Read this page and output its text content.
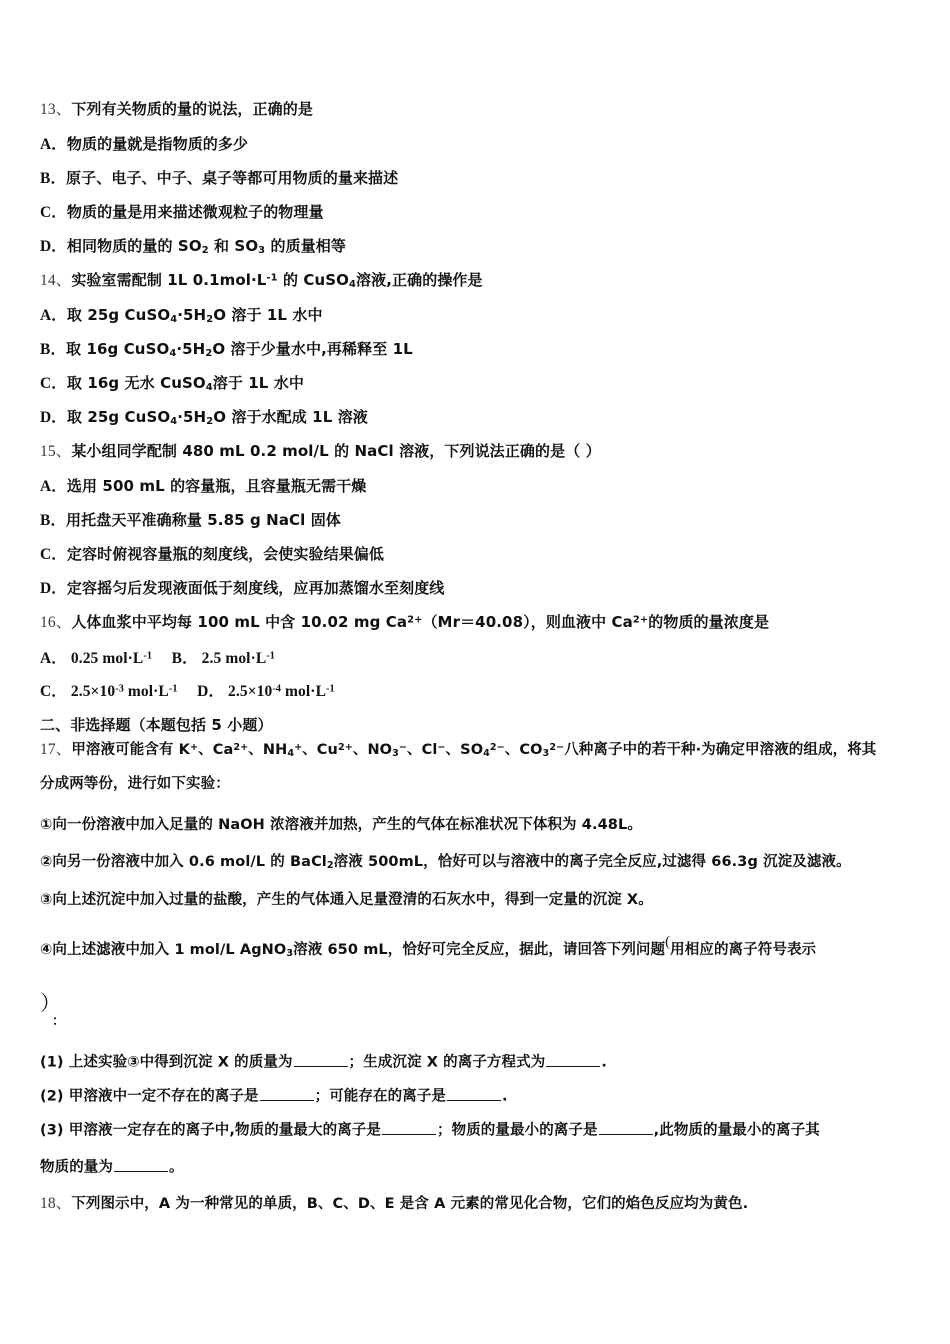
13、下列有关物质的量的说法，正确的是
A．物质的量就是指物质的多少
B．原子、电子、中子、桌子等都可用物质的量来描述
C．物质的量是用来描述微观粒子的物理量
D．相同物质的量的 $SO_2$ 和 $SO_3$ 的质量相等
14、实验室需配制 1L $0.1mol\cdot L^{-1}$ 的 CuSO$_4$溶液,正确的操作是
A．取 25g $CuSO_4\cdot 5H_2O$ 溶于 1L 水中
B．取 16g $CuSO_4\cdot 5H_2O$ 溶于少量水中,再稀释至 1L
C．取 16g 无水 CuSO$_4$溶于 1L 水中
D．取 25g $CuSO_4\cdot 5H_2O$ 溶于水配成 1L 溶液
15、某小组同学配制 480 mL 0.2 mol/L 的 NaCl 溶液，下列说法正确的是（ ）
A．选用 500 mL 的容量瓶，且容量瓶无需干燥
B．用托盘天平准确称量 5.85 g NaCl 固体
C．定容时俯视容量瓶的刻度线，会使实验结果偏低
D．定容摇匀后发现液面低于刻度线，应再加蒸馏水至刻度线
16、人体血浆中平均每 100 mL 中含 10.02 mg $Ca^{2+}(Mr=40.08)$，则血液中 $Ca^{2+}$的物质的量浓度是
A． 0.25 $mol\cdot L^{-1}$　 B． 2.5 $mol\cdot L^{-1}$
C． $2.5\times 10^{-3}$ $mol\cdot L^{-1}$　 D． $2.5\times 10^{-4}$ $mol\cdot L^{-1}$
二、非选择题（本题包括 5 小题）
17、甲溶液可能含有 K+、$Ca^{2+}$、$NH_4^+$、$Cu^{2+}$、$NO_3^-$、Cl−、$SO_4^{2-}$、$CO_3^{2-}$八种离子中的若干种·为确定甲溶液的组成，将其
分成两等份，进行如下实验：
①向一份溶液中加入足量的 NaOH 浓溶液并加热，产生的气体在标准状况下体积为 4.48L。
②向另一份溶液中加入 0.6 mol/L 的 BaCl$_2$溶液 500mL，恰好可以与溶液中的离子完全反应,过滤得 66.3g 沉淀及滤液。
③向上述沉淀中加入过量的盐酸，产生的气体通入足量澄清的石灰水中，得到一定量的沉淀 X。
④向上述滤液中加入 1 mol/L AgNO$_3$溶液 650 mL，恰好可完全反应，据此，请回答下列问题(用相应的离子符号表示
）
：
(1) 上述实验③中得到沉淀 X 的质量为	；生成沉淀 X 的离子方程式为	.
(2) 甲溶液中一定不存在的离子是	；可能存在的离子是	.
(3) 甲溶液一定存在的离子中,物质的量最大的离子是	；物质的量最小的离子是	,此物质的量最小的离子其
物质的量为	。
18、下列图示中，A 为一种常见的单质，B、C、D、E 是含 A 元素的常见化合物，它们的焰色反应均为黄色.
